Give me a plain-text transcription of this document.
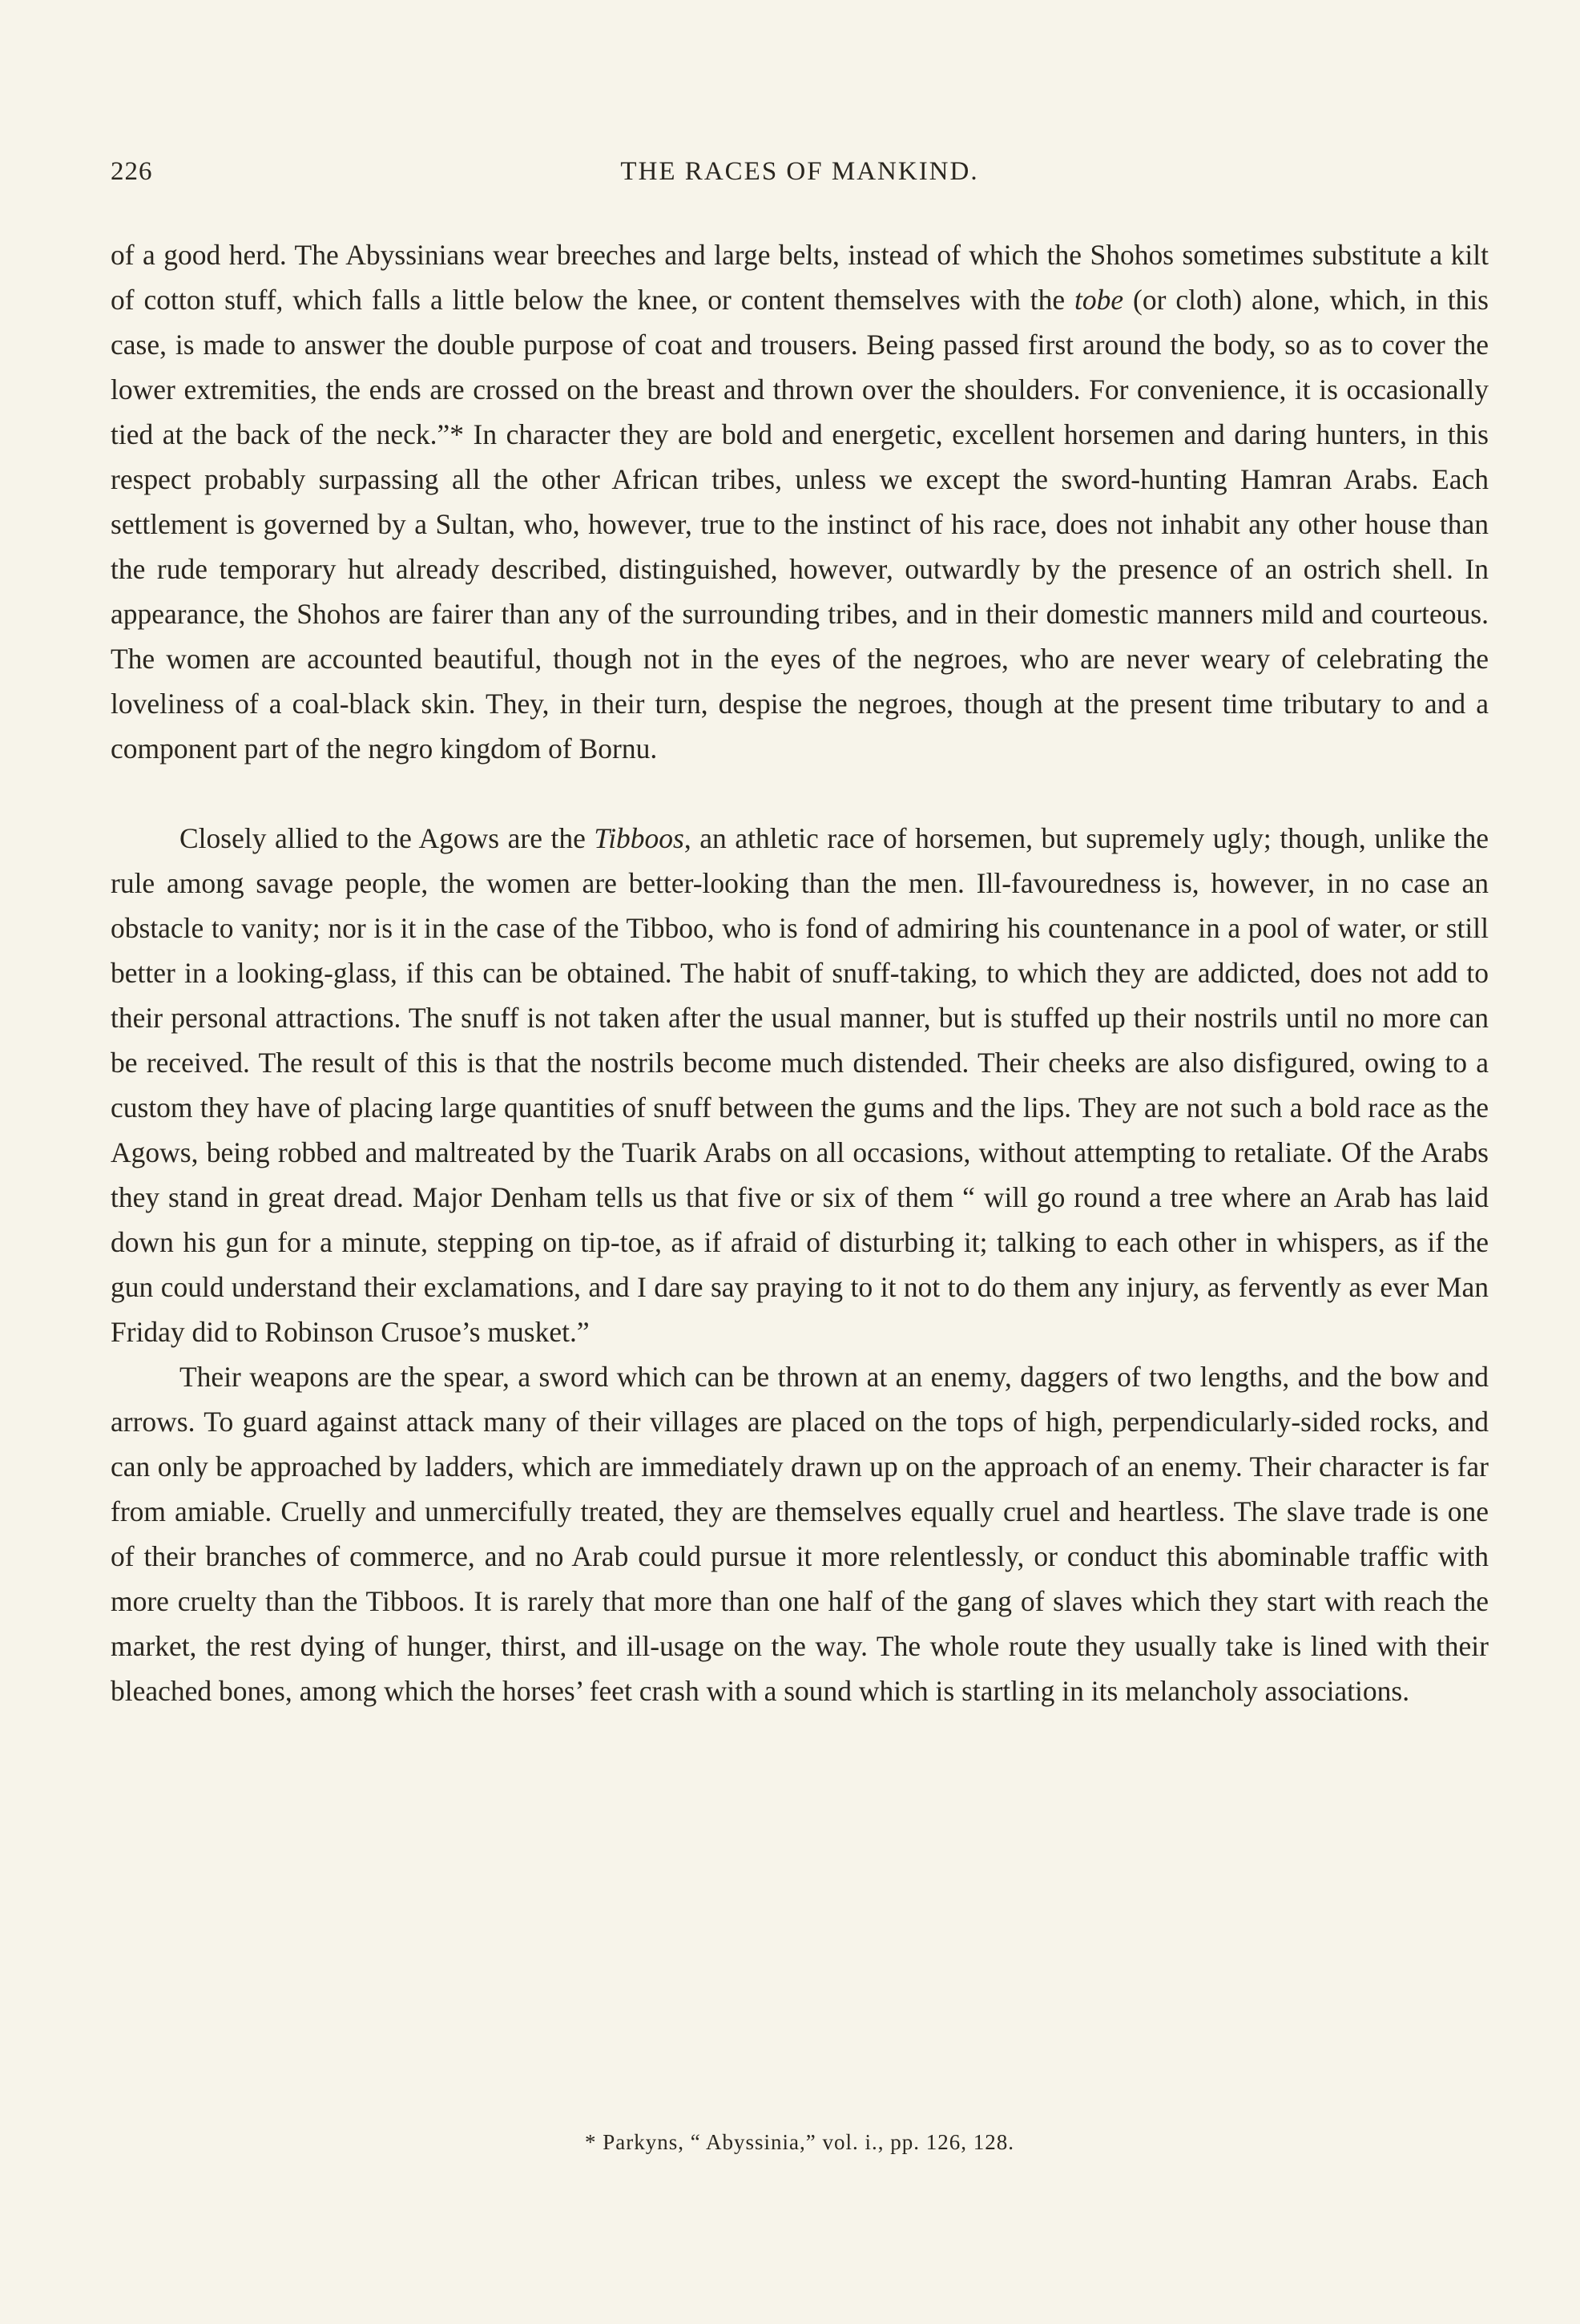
226	THE RACES OF MANKIND.

of a good herd. The Abyssinians wear breeches and large belts, instead of which the Shohos sometimes substitute a kilt of cotton stuff, which falls a little below the knee, or content themselves with the tobe (or cloth) alone, which, in this case, is made to answer the double purpose of coat and trousers. Being passed first around the body, so as to cover the lower extremities, the ends are crossed on the breast and thrown over the shoulders. For convenience, it is occasionally tied at the back of the neck.”* In character they are bold and energetic, excellent horsemen and daring hunters, in this respect probably surpassing all the other African tribes, unless we except the sword-hunting Hamran Arabs. Each settlement is governed by a Sultan, who, however, true to the instinct of his race, does not inhabit any other house than the rude temporary hut already described, distinguished, however, outwardly by the presence of an ostrich shell. In appearance, the Shohos are fairer than any of the surrounding tribes, and in their domestic manners mild and courteous. The women are accounted beautiful, though not in the eyes of the negroes, who are never weary of celebrating the loveliness of a coal-black skin. They, in their turn, despise the negroes, though at the present time tributary to and a component part of the negro kingdom of Bornu.

Closely allied to the Agows are the Tibboos, an athletic race of horsemen, but supremely ugly; though, unlike the rule among savage people, the women are better-looking than the men. Ill-favouredness is, however, in no case an obstacle to vanity; nor is it in the case of the Tibboo, who is fond of admiring his countenance in a pool of water, or still better in a looking-glass, if this can be obtained. The habit of snuff-taking, to which they are addicted, does not add to their personal attractions. The snuff is not taken after the usual manner, but is stuffed up their nostrils until no more can be received. The result of this is that the nostrils become much distended. Their cheeks are also disfigured, owing to a custom they have of placing large quantities of snuff between the gums and the lips. They are not such a bold race as the Agows, being robbed and maltreated by the Tuarik Arabs on all occasions, without attempting to retaliate. Of the Arabs they stand in great dread. Major Denham tells us that five or six of them “ will go round a tree where an Arab has laid down his gun for a minute, stepping on tip-toe, as if afraid of disturbing it; talking to each other in whispers, as if the gun could understand their exclamations, and I dare say praying to it not to do them any injury, as fervently as ever Man Friday did to Robinson Crusoe’s musket.”

Their weapons are the spear, a sword which can be thrown at an enemy, daggers of two lengths, and the bow and arrows. To guard against attack many of their villages are placed on the tops of high, perpendicularly-sided rocks, and can only be approached by ladders, which are immediately drawn up on the approach of an enemy. Their character is far from amiable. Cruelly and unmercifully treated, they are themselves equally cruel and heartless. The slave trade is one of their branches of commerce, and no Arab could pursue it more relentlessly, or conduct this abominable traffic with more cruelty than the Tibboos. It is rarely that more than one half of the gang of slaves which they start with reach the market, the rest dying of hunger, thirst, and ill-usage on the way. The whole route they usually take is lined with their bleached bones, among which the horses’ feet crash with a sound which is startling in its melancholy associations.

* Parkyns, “ Abyssinia,” vol. i., pp. 126, 128.
